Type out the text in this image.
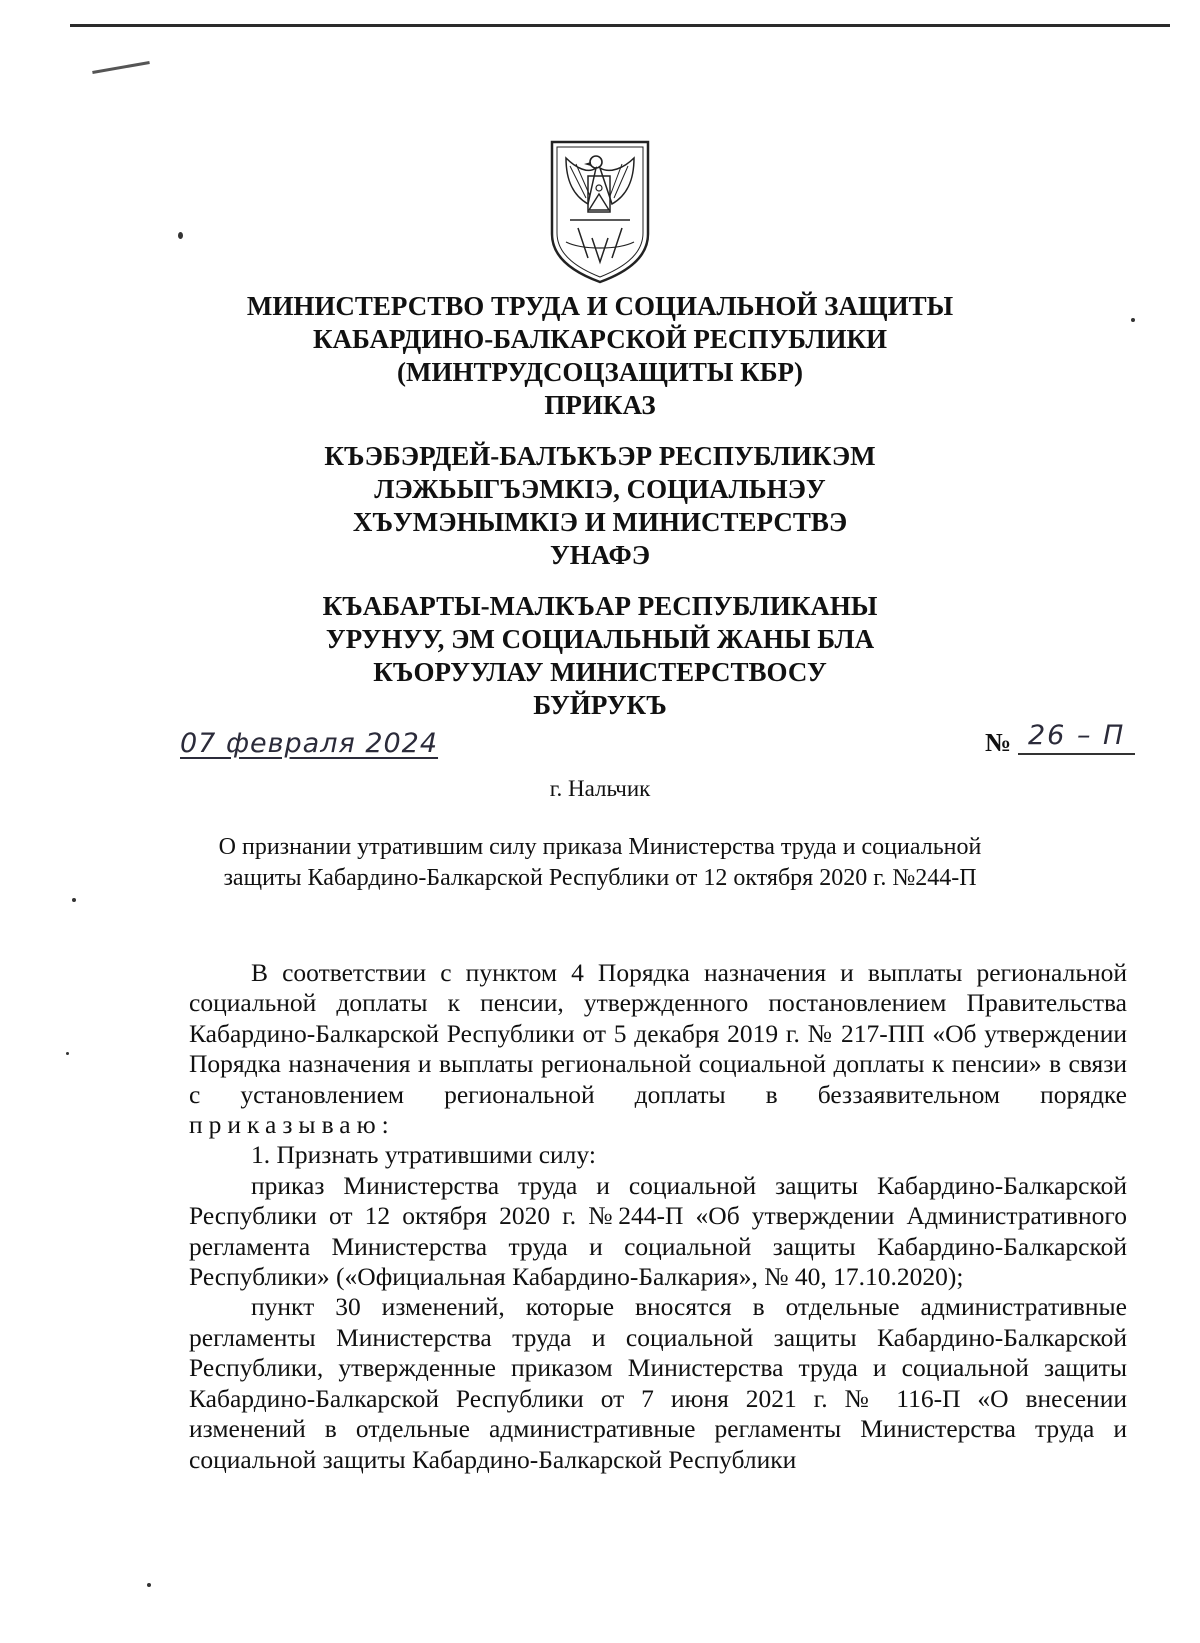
МИНИСТЕРСТВО ТРУДА И СОЦИАЛЬНОЙ ЗАЩИТЫ
КАБАРДИНО-БАЛКАРСКОЙ РЕСПУБЛИКИ
(МИНТРУДСОЦЗАЩИТЫ КБР)
ПРИКАЗ
КЪЭБЭРДЕЙ-БАЛЪКЪЭР РЕСПУБЛИКЭМ
ЛЭЖЬЫГЪЭМКIЭ, СОЦИАЛЬНЭУ
ХЪУМЭНЫМКIЭ И МИНИСТЕРСТВЭ
УНАФЭ
КЪАБАРТЫ-МАЛКЪАР РЕСПУБЛИКАНЫ
УРУНУУ, ЭМ СОЦИАЛЬНЫЙ ЖАНЫ БЛА
КЪОРУУЛАУ МИНИСТЕРСТВОСУ
БУЙРУКЪ
07 февраля 2024	№ 26 – П
г. Нальчик
О признании утратившим силу приказа Министерства труда и социальной
защиты Кабардино-Балкарской Республики от 12 октября 2020 г. №244-П

В соответствии с пунктом 4 Порядка назначения и выплаты региональной социальной доплаты к пенсии, утвержденного постановлением Правительства Кабардино-Балкарской Республики от 5 декабря 2019 г. № 217-ПП «Об утверждении Порядка назначения и выплаты региональной социальной доплаты к пенсии» в связи с установлением региональной доплаты в беззаявительном порядке приказываю:

1. Признать утратившими силу:

приказ Министерства труда и социальной защиты Кабардино-Балкарской Республики от 12 октября 2020 г. №244-П «Об утверждении Административного регламента Министерства труда и социальной защиты Кабардино-Балкарской Республики» («Официальная Кабардино-Балкария», № 40, 17.10.2020);

пункт 30 изменений, которые вносятся в отдельные административные регламенты Министерства труда и социальной защиты Кабардино-Балкарской Республики, утвержденные приказом Министерства труда и социальной защиты Кабардино-Балкарской Республики от 7 июня 2021 г. № 116-П «О внесении изменений в отдельные административные регламенты Министерства труда и социальной защиты Кабардино-Балкарской Республики
